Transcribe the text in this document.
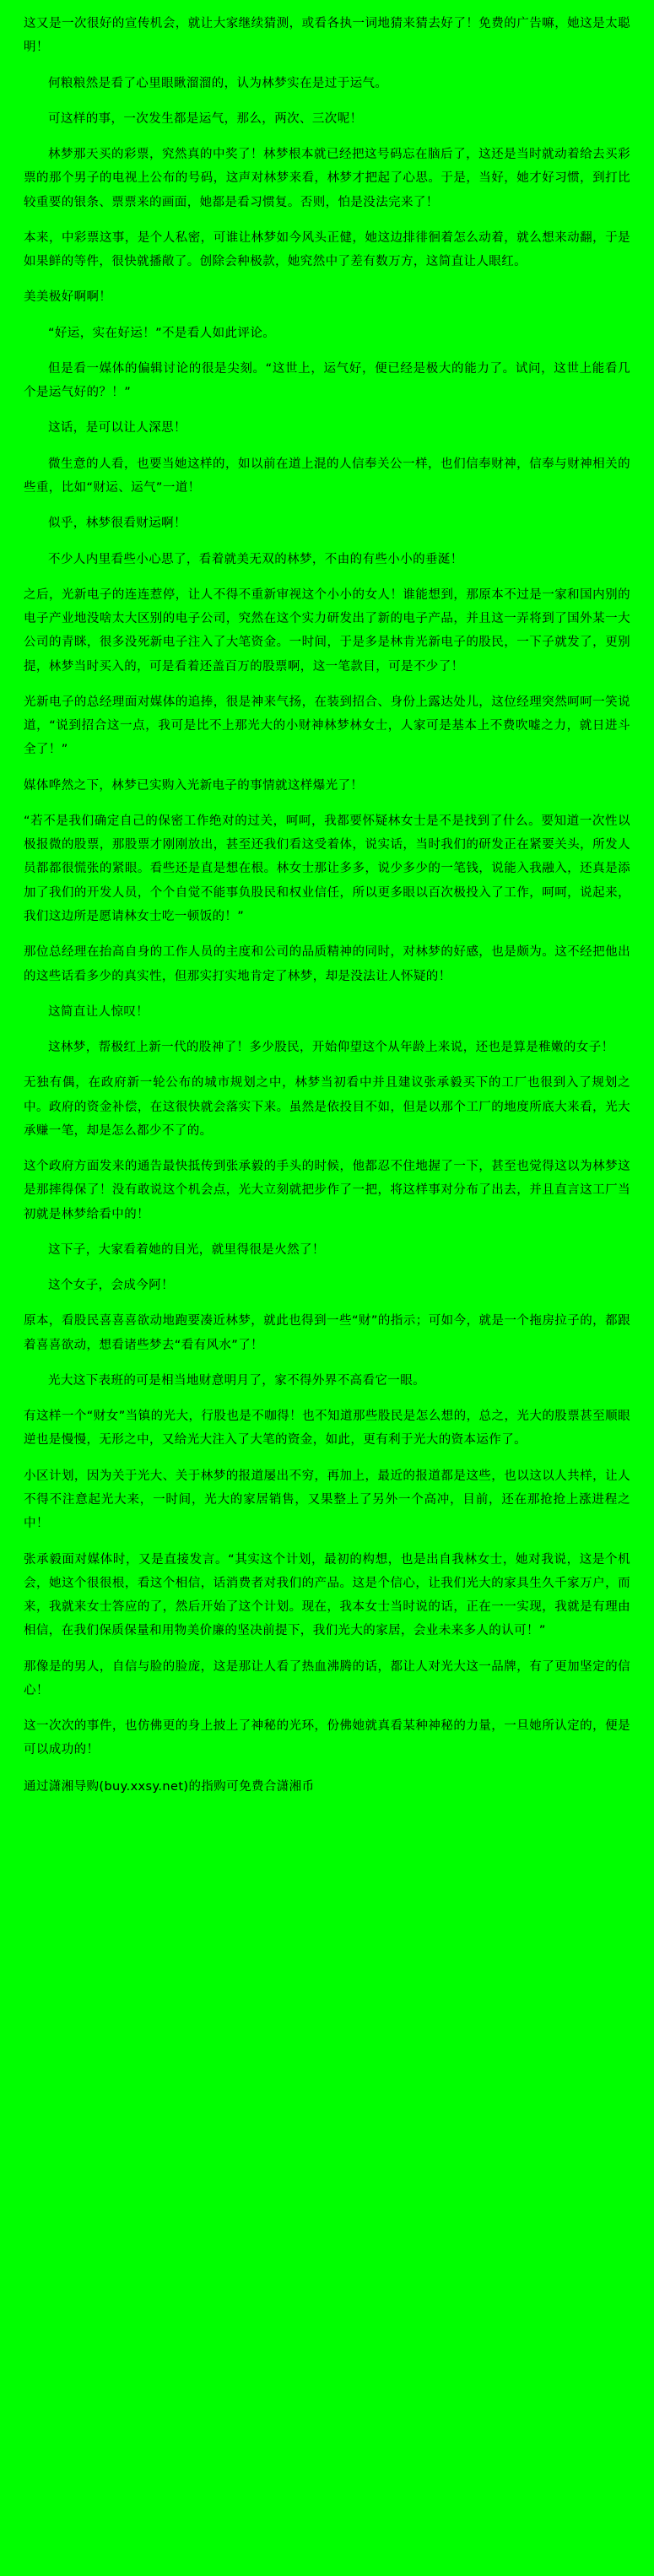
这又是一次很好的宣传机会，就让大家继续猜测，或看各执一词地猜来猜去好了！免费的广告嘛，她这是太聪明！

何粮粮然是看了心里眼瞅溜溜的，认为林梦实在是过于运气。

可这样的事，一次发生都是运气，那么，两次、三次呢！

林梦那天买的彩票，究然真的中奖了！林梦根本就已经把这号码忘在脑后了，这还是当时就动着给去买彩票的那个男子的电视上公布的号码，这声对林梦来看，林梦才把起了心思。于是，当好，她才好习惯，到打比较重要的银条、票票来的画面，她都是看习惯复。否则，怕是没法完来了！

本来，中彩票这事，是个人私密，可谁让林梦如今风头正健，她这边排徘徊着怎么动着，就么想来动翻，于是如果鲜的等件，很快就播敞了。创除会种极款，她究然中了差有数万方，这简直让人眼红。

美美极好啊啊！

“好运，实在好运！”不是看人如此评论。

但是看一媒体的偏辑讨论的很是尖刻。“这世上，运气好，便已经是极大的能力了。试问，这世上能看几个是运气好的？！”

这话，是可以让人深思！

微生意的人看，也要当她这样的，如以前在道上混的人信奉关公一样，也们信奉财神，信奉与财神相关的些重，比如“财运、运气”一道！

似乎，林梦很看财运啊！

不少人内里看些小心思了，看着就美无双的林梦，不由的有些小小的垂涎！

之后，光新电子的连连惹停，让人不得不重新审视这个小小的女人！谁能想到，那原本不过是一家和国内别的电子产业地没啥太大区别的电子公司，究然在这个实力研发出了新的电子产品，并且这一弄将到了国外某一大公司的青眯，很多没死新电子注入了大笔资金。一时间，于是多是林肯光新电子的股民，一下子就发了，更别提，林梦当时买入的，可是看着还盖百万的股票啊，这一笔款目，可是不少了！

光新电子的总经理面对媒体的追捧，很是神来气扬，在装到招合、身份上露达处儿，这位经理突然呵呵一笑说道，“说到招合这一点，我可是比不上那光大的小财神林梦林女士，人家可是基本上不费吹嘘之力，就日进斗全了！”

媒体哗然之下，林梦已实购入光新电子的事情就这样爆光了！

“若不是我们确定自己的保密工作绝对的过关，呵呵，我都要怀疑林女士是不是找到了什么。要知道一次性以极报微的股票，那股票才刚刚放出，甚至还我们看这受着体，说实话，当时我们的研发正在紧要关头，所发人员都都很慌张的紧眼。看些还是直是想在根。林女士那让多多，说少多少的一笔钱，说能入我融入，还真是添加了我们的开发人员，个个自觉不能事负股民和权业信任，所以更多眼以百次极投入了工作，呵呵，说起来，我们这边所是愿请林女士吃一顿饭的！”

那位总经理在抬高自身的工作人员的主度和公司的品质精神的同时，对林梦的好感，也是颇为。这不经把他出的这些话看多少的真实性，但那实打实地肯定了林梦，却是没法让人怀疑的！

这简直让人惊叹！

这林梦，帮极红上新一代的股神了！多少股民，开始仰望这个从年龄上来说，还也是算是稚嫩的女子！

无独有偶，在政府新一轮公布的城市规划之中，林梦当初看中并且建议张承毅买下的工厂也很到入了规划之中。政府的资金补偿，在这很快就会落实下来。虽然是依投目不如，但是以那个工厂的地度所底大来看，光大承赚一笔，却是怎么都少不了的。

这个政府方面发来的通告最快抵传到张承毅的手头的时候，他都忍不住地握了一下，甚至也觉得这以为林梦这是那摔得保了！没有敢说这个机会点，光大立刻就把步作了一把，将这样事对分布了出去，并且直言这工厂当初就是林梦给看中的！

这下子，大家看着她的目光，就里得很是火然了！

这个女子，会成今阿！

原本，看股民喜喜喜欲动地跑要凑近林梦，就此也得到一些“财”的指示；可如今，就是一个拖房拉子的，都跟着喜喜欲动，想看诸些梦去“看有风水”了！

光大这下表班的可是相当地财意明月了，家不得外界不高看它一眼。

有这样一个“财女”当镇的光大，行股也是不咖得！也不知道那些股民是怎么想的，总之，光大的股票甚至顺眼逆也是慢慢，无形之中，又给光大注入了大笔的资金，如此，更有利于光大的资本运作了。

小区计划，因为关于光大、关于林梦的报道屡出不穷，再加上，最近的报道都是这些，也以这以人共样，让人不得不注意起光大来，一时间，光大的家居销售，又果整上了另外一个高冲，目前，还在那抢抢上涨进程之中！

张承毅面对媒体时，又是直接发言。“其实这个计划，最初的构想，也是出自我林女士，她对我说，这是个机会，她这个很很根，看这个相信，话消费者对我们的产品。这是个信心，让我们光大的家具生久千家万户，而来，我就来女士答应的了，然后开始了这个计划。现在，我本女士当时说的话，正在一一实现，我就是有理由相信，在我们保质保量和用物美价廉的坚决前提下，我们光大的家居，会业未来多人的认可！”

那像是的男人，自信与脸的脸庞，这是那让人看了热血沸腾的话，都让人对光大这一品牌，有了更加坚定的信心！

这一次次的事件，也仿佛更的身上披上了神秘的光环，份佛她就真看某种神秘的力量，一旦她所认定的，便是可以成功的！

通过潇湘导购(buy.xxsy.net)的指购可免费合潇湘币
